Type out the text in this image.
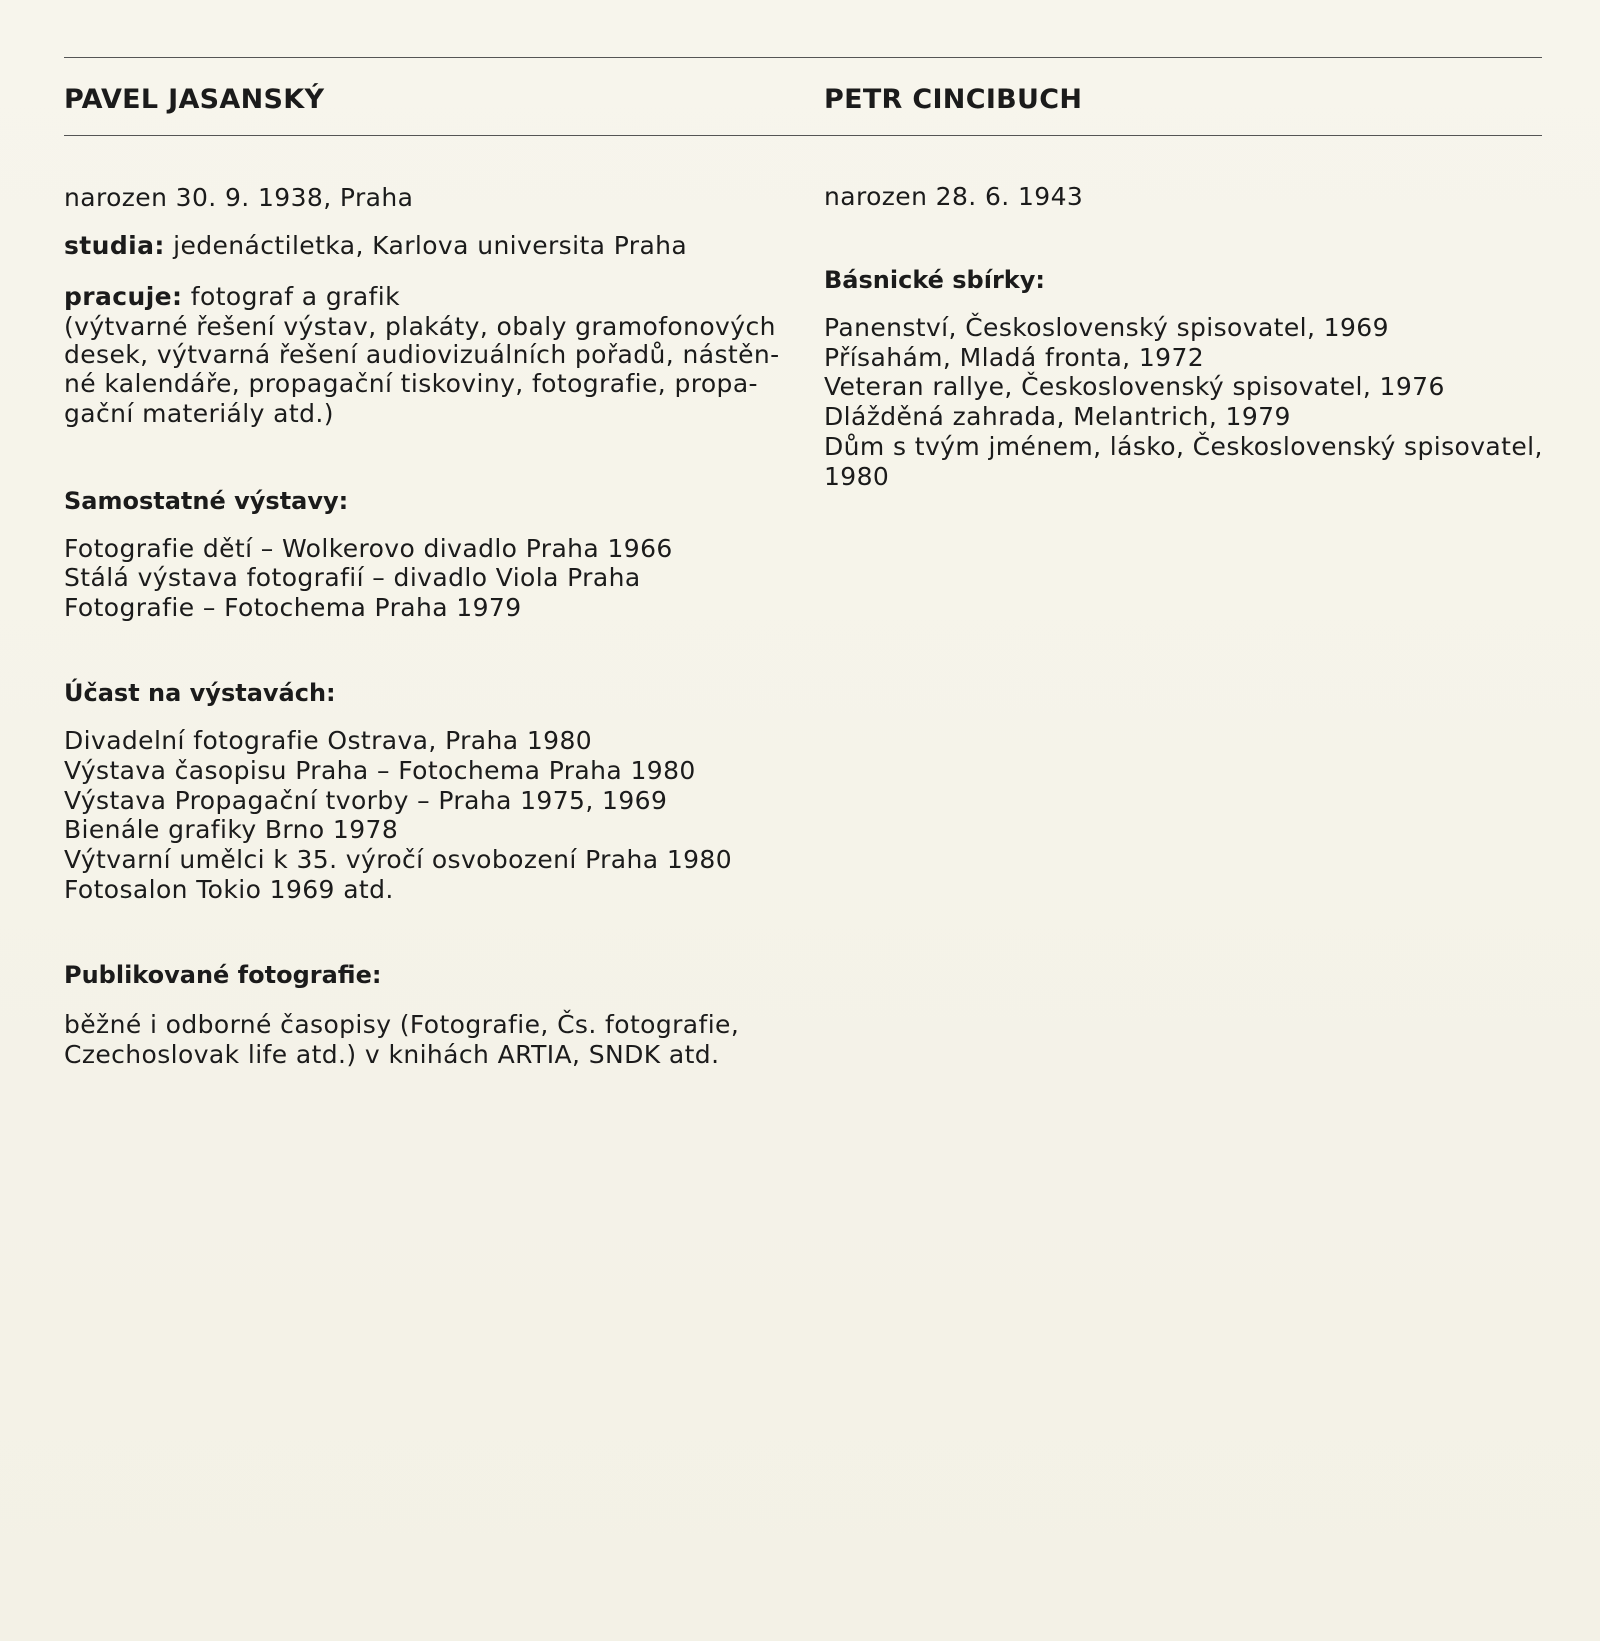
PAVEL JASANSKÝ

narozen 30. 9. 1938, Praha

studia: jedenáctiletka, Karlova universita Praha

pracuje: fotograf a grafik

(výtvarné řešení výstav, plakáty, obaly gramofonových

desek, výtvarná řešení audiovizuálních pořadů, nástěn-

né kalendáře, propagační tiskoviny, fotografie, propa-

gační materiály atd.)

Samostatné výstavy:

Fotografie dětí – Wolkerovo divadlo Praha 1966

Stálá výstava fotografií – divadlo Viola Praha

Fotografie – Fotochema Praha 1979

Účast na výstavách:

Divadelní fotografie Ostrava, Praha 1980

Výstava časopisu Praha – Fotochema Praha 1980

Výstava Propagační tvorby – Praha 1975, 1969

Bienále grafiky Brno 1978

Výtvarní umělci k 35. výročí osvobození Praha 1980

Fotosalon Tokio 1969 atd.

Publikované fotografie:

běžné i odborné časopisy (Fotografie, Čs. fotografie,

Czechoslovak life atd.) v knihách ARTIA, SNDK atd.

PETR CINCIBUCH

narozen 28. 6. 1943

Básnické sbírky:

Panenství, Československý spisovatel, 1969

Přísahám, Mladá fronta, 1972

Veteran rallye, Československý spisovatel, 1976

Dlážděná zahrada, Melantrich, 1979

Dům s tvým jménem, lásko, Československý spisovatel,

1980
